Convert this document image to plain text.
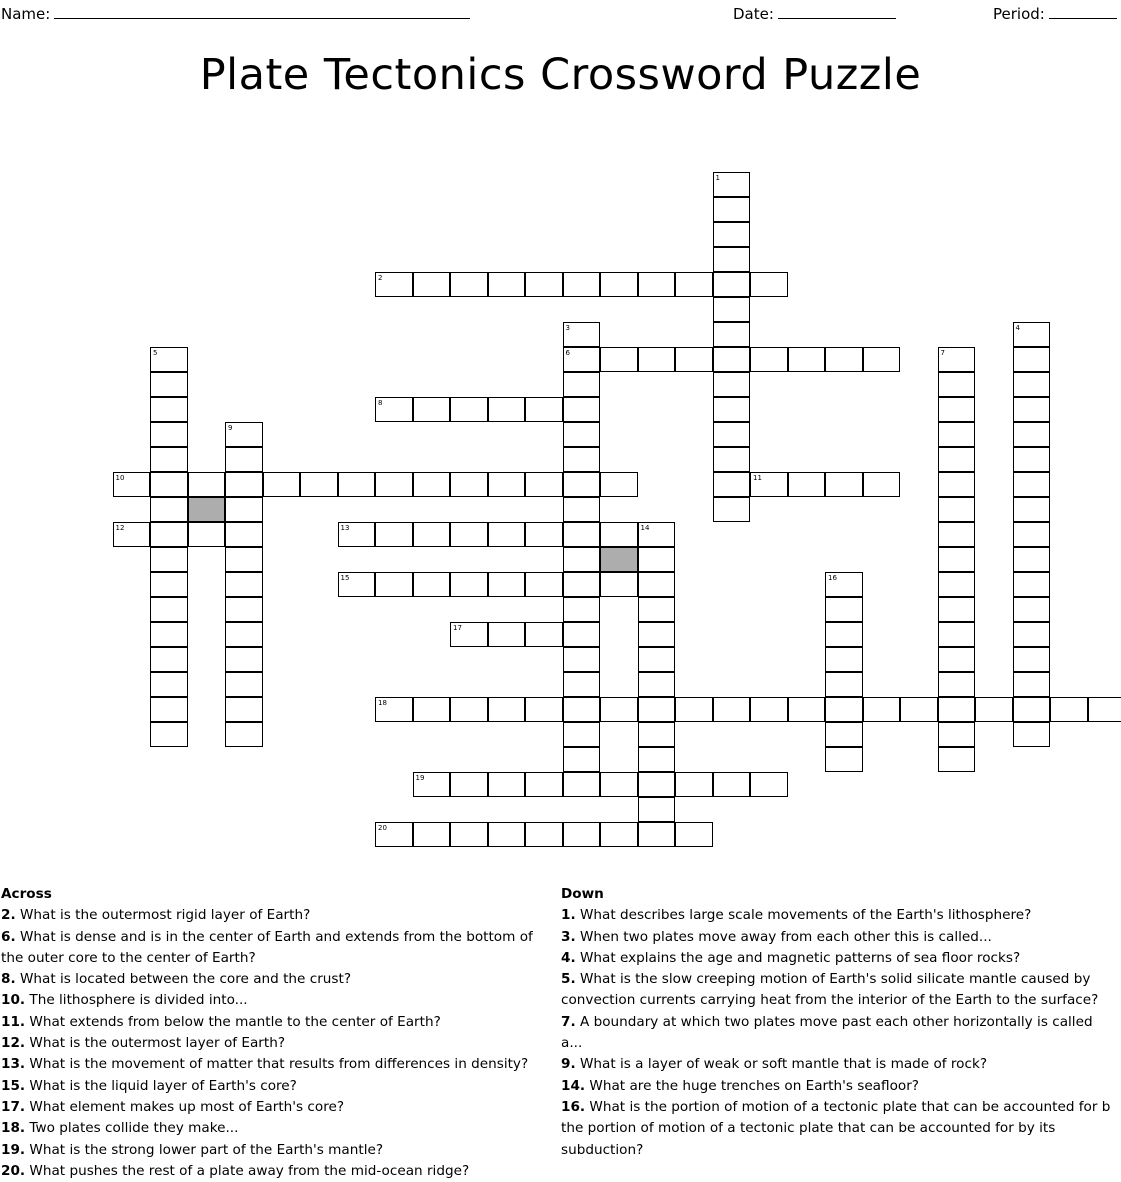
Name:	Date:	Period:
Plate Tectonics Crossword Puzzle
1
2
3
6
4
5	7
8
9
10	11
12	13	14
15	16
17
18
19
20
Across
2. What is the outermost rigid layer of Earth?
6. What is dense and is in the center of Earth and extends from the bottom of the outer core to the center of Earth?
8. What is located between the core and the crust?
10. The lithosphere is divided into...
11. What extends from below the mantle to the center of Earth?
12. What is the outermost layer of Earth?
13. What is the movement of matter that results from differences in density?
15. What is the liquid layer of Earth's core?
17. What element makes up most of Earth's core?
18. Two plates collide they make...
19. What is the strong lower part of the Earth's mantle?
20. What pushes the rest of a plate away from the mid-ocean ridge?
Down
1. What describes large scale movements of the Earth's lithosphere?
3. When two plates move away from each other this is called...
4. What explains the age and magnetic patterns of sea floor rocks?
5. What is the slow creeping motion of Earth's solid silicate mantle caused by convection currents carrying heat from the interior of the Earth to the surface?
7. A boundary at which two plates move past each other horizontally is called a...
9. What is a layer of weak or soft mantle that is made of rock?
14. What are the huge trenches on Earth's seafloor?
16. What is the portion of motion of a tectonic plate that can be accounted for b the portion of motion of a tectonic plate that can be accounted for by its subduction?
